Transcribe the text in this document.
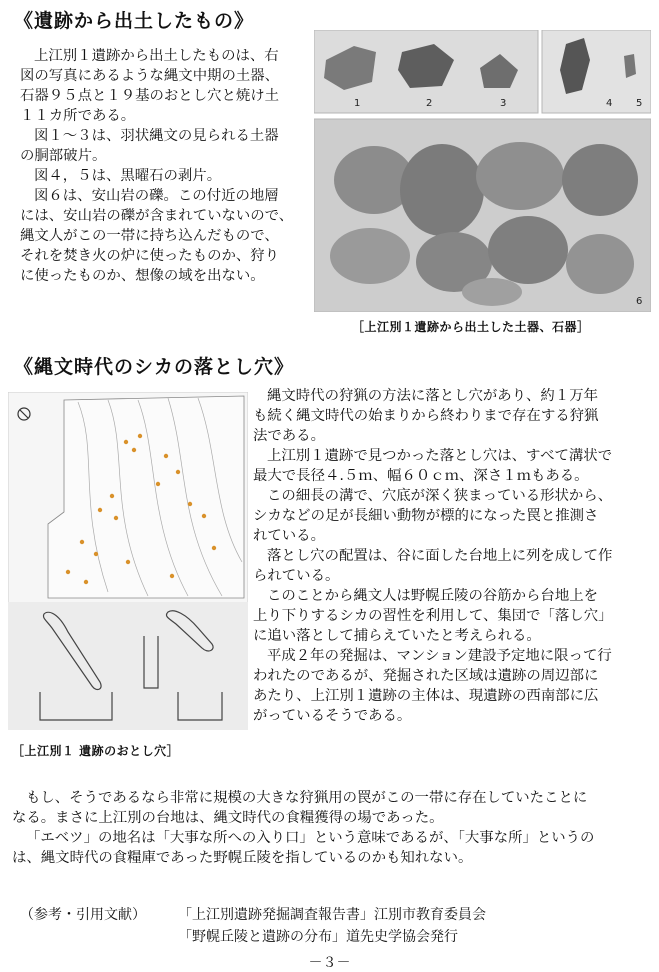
《遺跡から出土したもの》

上江別１遺跡から出土したものは、右

図の写真にあるような縄文中期の土器、

石器９５点と１９基のおとし穴と焼け土

１１カ所である。

図１～３は、羽状縄文の見られる土器

の胴部破片。

図４，５は、黒曜石の剥片。

図６は、安山岩の礫。この付近の地層

には、安山岩の礫が含まれていないので、

縄文人がこの一帯に持ち込んだもので、

それを焚き火の炉に使ったものか、狩り

に使ったものか、想像の域を出ない。

1	2	3	4 5
6
［上江別１遺跡から出土した土器、石器］
《縄文時代のシカの落とし穴》
［上江別１ 遺跡のおとし穴］

縄文時代の狩猟の方法に落とし穴があり、約１万年

も続く縄文時代の始まりから終わりまで存在する狩猟

法である。

上江別１遺跡で見つかった落とし穴は、すべて溝状で

最大で長径４.５ｍ、幅６０ｃｍ、深さ１ｍもある。

この細長の溝で、穴底が深く狭まっている形状から、

シカなどの足が長細い動物が標的になった罠と推測さ

れている。

落とし穴の配置は、谷に面した台地上に列を成して作

られている。

このことから縄文人は野幌丘陵の谷筋から台地上を

上り下りするシカの習性を利用して、集団で「落し穴」

に追い落として捕らえていたと考えられる。

平成２年の発掘は、マンション建設予定地に限って行

われたのであるが、発掘された区域は遺跡の周辺部に

あたり、上江別１遺跡の主体は、現遺跡の西南部に広

がっているそうである。

もし、そうであるなら非常に規模の大きな狩猟用の罠がこの一帯に存在していたことに

なる。まさに上江別の台地は、縄文時代の食糧獲得の場であった。

「エベツ」の地名は「大事な所への入り口」という意味であるが、「大事な所」というの

は、縄文時代の食糧庫であった野幌丘陵を指しているのかも知れない。

（参考・引用文献） 「上江別遺跡発掘調査報告書」江別市教育委員会
「野幌丘陵と遺跡の分布」道先史学協会発行
－３－
